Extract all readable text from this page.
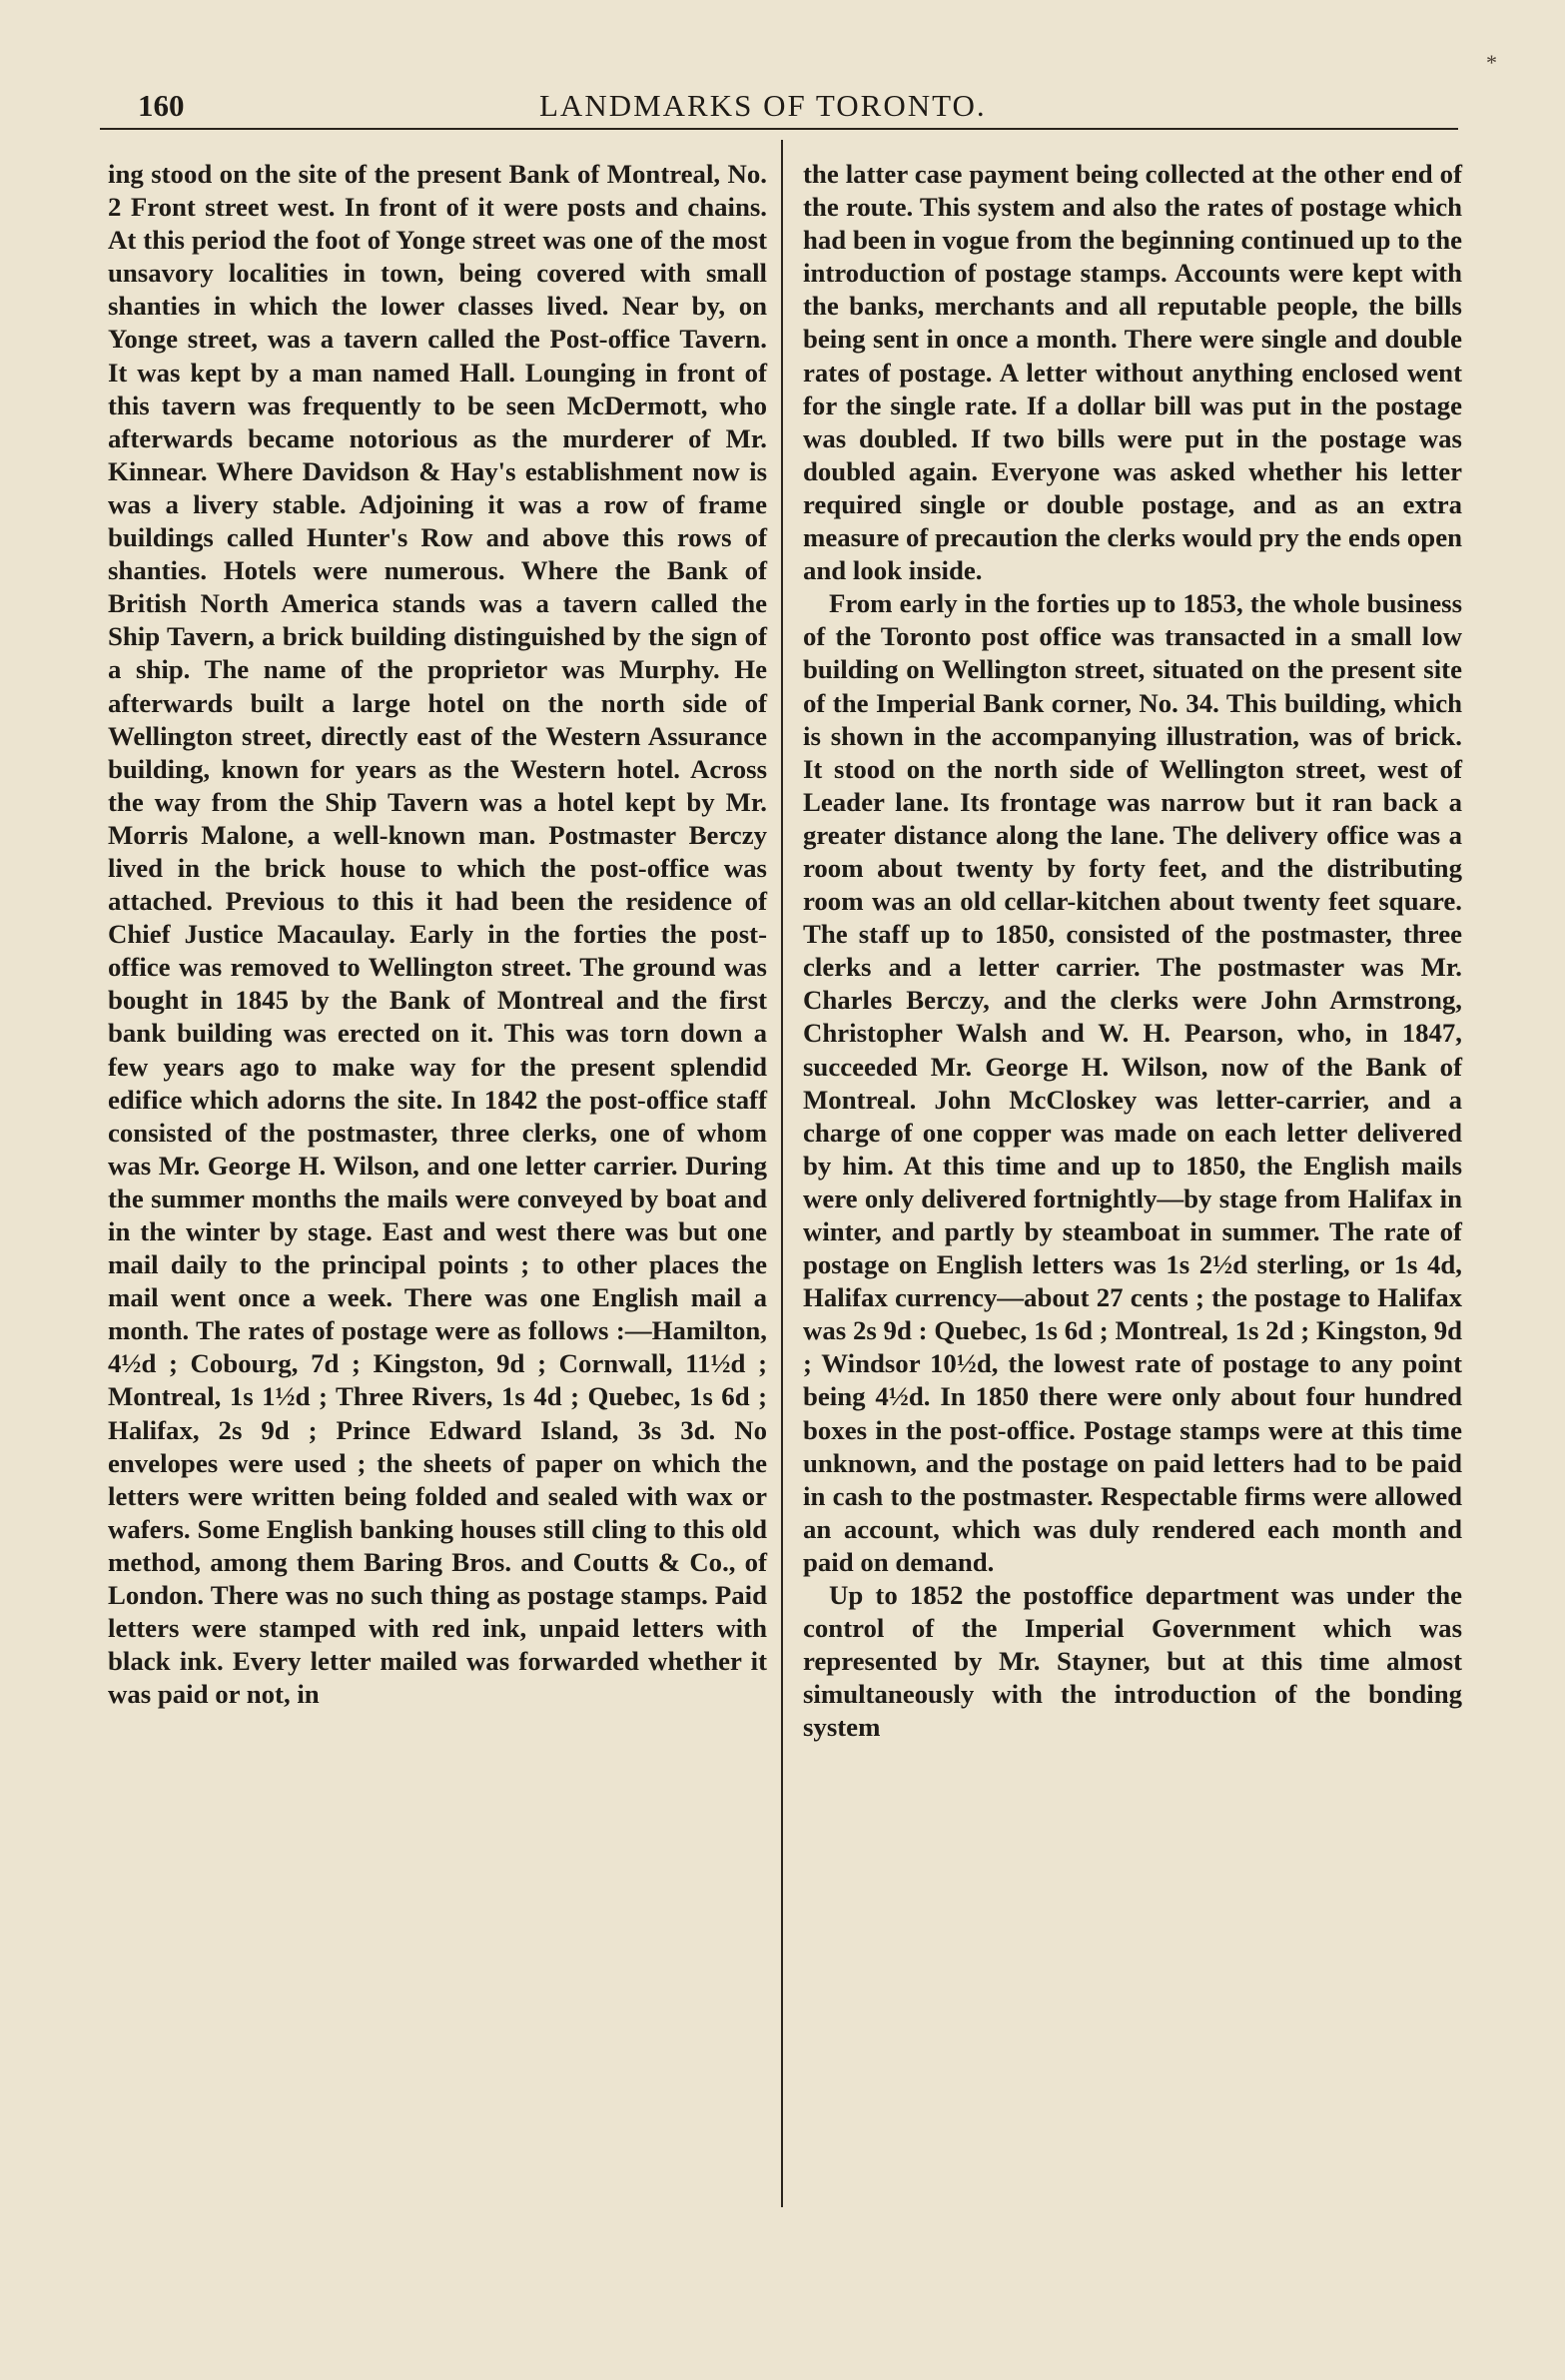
160	LANDMARKS OF TORONTO.
*

ing stood on the site of the present Bank of Montreal, No. 2 Front street west. In front of it were posts and chains. At this period the foot of Yonge street was one of the most unsavory localities in town, being covered with small shanties in which the lower classes lived. Near by, on Yonge street, was a tavern called the Post-office Tavern. It was kept by a man named Hall. Lounging in front of this tavern was frequently to be seen McDermott, who afterwards became notorious as the murderer of Mr. Kinnear. Where Davidson & Hay's establishment now is was a livery stable. Adjoining it was a row of frame buildings called Hunter's Row and above this rows of shanties. Hotels were numerous. Where the Bank of British North America stands was a tavern called the Ship Tavern, a brick building distinguished by the sign of a ship. The name of the proprietor was Murphy. He afterwards built a large hotel on the north side of Wellington street, directly east of the Western Assurance building, known for years as the Western hotel. Across the way from the Ship Tavern was a hotel kept by Mr. Morris Malone, a well-known man. Postmaster Berczy lived in the brick house to which the post-office was attached. Previous to this it had been the residence of Chief Justice Macaulay. Early in the forties the post-office was removed to Wellington street. The ground was bought in 1845 by the Bank of Montreal and the first bank building was erected on it. This was torn down a few years ago to make way for the present splendid edifice which adorns the site. In 1842 the post-office staff consisted of the postmaster, three clerks, one of whom was Mr. George H. Wilson, and one letter carrier. During the summer months the mails were conveyed by boat and in the winter by stage. East and west there was but one mail daily to the principal points ; to other places the mail went once a week. There was one English mail a month. The rates of postage were as follows :—Hamilton, 4½d ; Cobourg, 7d ; Kingston, 9d ; Cornwall, 11½d ; Montreal, 1s 1½d ; Three Rivers, 1s 4d ; Quebec, 1s 6d ; Halifax, 2s 9d ; Prince Edward Island, 3s 3d. No envelopes were used ; the sheets of paper on which the letters were written being folded and sealed with wax or wafers. Some English banking houses still cling to this old method, among them Baring Bros. and Coutts & Co., of London. There was no such thing as postage stamps. Paid letters were stamped with red ink, unpaid letters with black ink. Every letter mailed was forwarded whether it was paid or not, in

the latter case payment being collected at the other end of the route. This system and also the rates of postage which had been in vogue from the beginning continued up to the introduction of postage stamps. Accounts were kept with the banks, merchants and all reputable people, the bills being sent in once a month. There were single and double rates of postage. A letter without anything enclosed went for the single rate. If a dollar bill was put in the postage was doubled. If two bills were put in the postage was doubled again. Everyone was asked whether his letter required single or double postage, and as an extra measure of precaution the clerks would pry the ends open and look inside.

From early in the forties up to 1853, the whole business of the Toronto post office was transacted in a small low building on Wellington street, situated on the present site of the Imperial Bank corner, No. 34. This building, which is shown in the accompanying illustration, was of brick. It stood on the north side of Wellington street, west of Leader lane. Its frontage was narrow but it ran back a greater distance along the lane. The delivery office was a room about twenty by forty feet, and the distributing room was an old cellar-kitchen about twenty feet square. The staff up to 1850, consisted of the postmaster, three clerks and a letter carrier. The postmaster was Mr. Charles Berczy, and the clerks were John Armstrong, Christopher Walsh and W. H. Pearson, who, in 1847, succeeded Mr. George H. Wilson, now of the Bank of Montreal. John McCloskey was letter-carrier, and a charge of one copper was made on each letter delivered by him. At this time and up to 1850, the English mails were only delivered fortnightly—by stage from Halifax in winter, and partly by steamboat in summer. The rate of postage on English letters was 1s 2½d sterling, or 1s 4d, Halifax currency—about 27 cents ; the postage to Halifax was 2s 9d : Quebec, 1s 6d ; Montreal, 1s 2d ; Kingston, 9d ; Windsor 10½d, the lowest rate of postage to any point being 4½d. In 1850 there were only about four hundred boxes in the post-office. Postage stamps were at this time unknown, and the postage on paid letters had to be paid in cash to the postmaster. Respectable firms were allowed an account, which was duly rendered each month and paid on demand.

Up to 1852 the postoffice department was under the control of the Imperial Government which was represented by Mr. Stayner, but at this time almost simultaneously with the introduction of the bonding system
